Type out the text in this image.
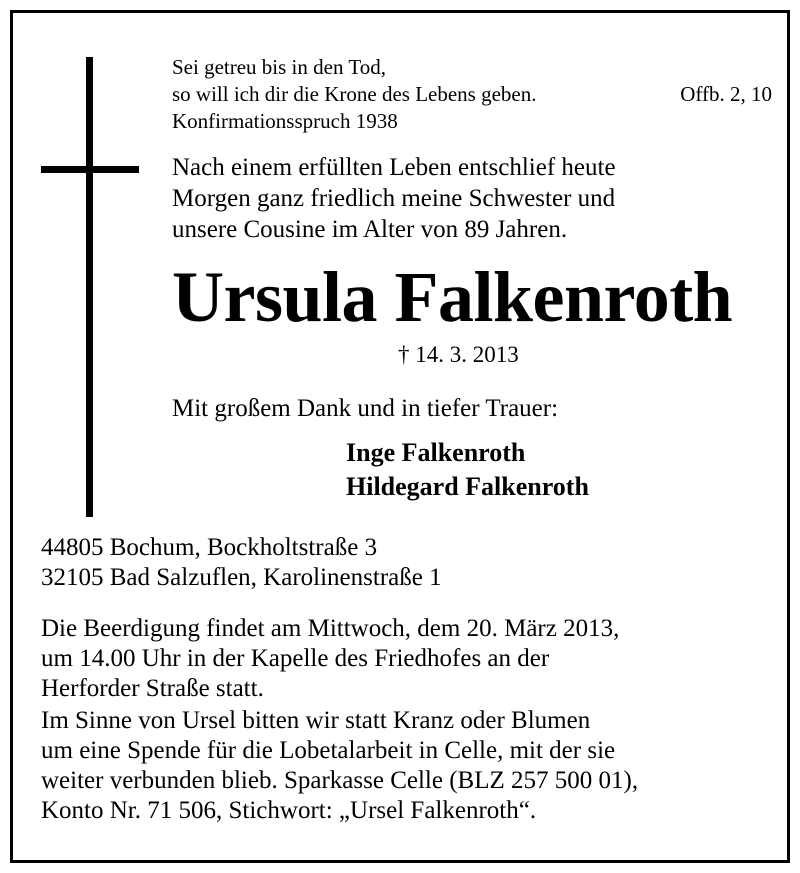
Sei getreu bis in den Tod,
so will ich dir die Krone des Lebens geben.	Offb. 2, 10
Konfirmationsspruch 1938
Nach einem erfüllten Leben entschlief heute
Morgen ganz friedlich meine Schwester und
unsere Cousine im Alter von 89 Jahren.
Ursula Falkenroth
† 14. 3. 2013
Mit großem Dank und in tiefer Trauer:
Inge Falkenroth
Hildegard Falkenroth
44805 Bochum, Bockholtstraße 3
32105 Bad Salzuflen, Karolinenstraße 1
Die Beerdigung findet am Mittwoch, dem 20. März 2013,
um 14.00 Uhr in der Kapelle des Friedhofes an der
Herforder Straße statt.
Im Sinne von Ursel bitten wir statt Kranz oder Blumen
um eine Spende für die Lobetalarbeit in Celle, mit der sie
weiter verbunden blieb. Sparkasse Celle (BLZ 257 500 01),
Konto Nr. 71 506, Stichwort: „Ursel Falkenroth“.
